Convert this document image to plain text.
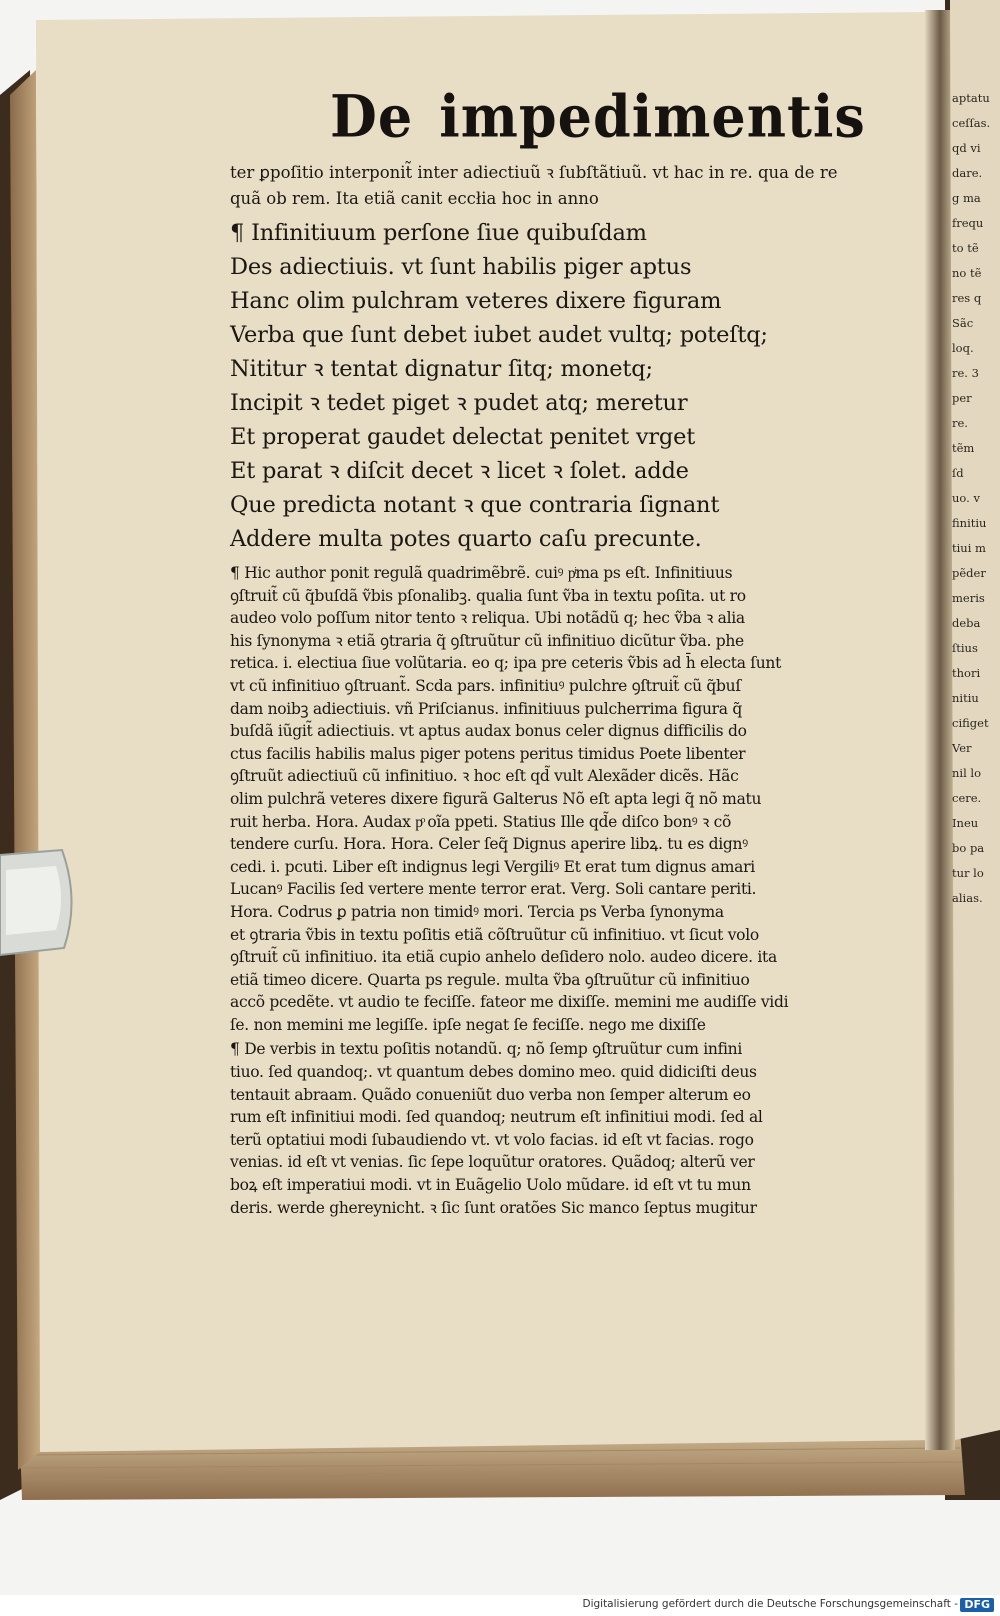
De impedimentis
ter ꝑpoſitio interponit̃ inter adiectiuũ ꝛ ſubſtãtiuũ. vt hac in re. qua de re
quã ob rem. Ita etiã canit eccłia hoc in anno
¶ Infinitiuum perſone ſiue quibuſdam
Des adiectiuis. vt ſunt habilis piger aptus
Hanc olim pulchram veteres dixere figuram
Verba que ſunt debet iubet audet vultq; poteſtq;
Nititur ꝛ tentat dignatur ſitq; monetq;
Incipit ꝛ tedet piget ꝛ pudet atq; meretur
Et properat gaudet delectat penitet vrget
Et parat ꝛ diſcit decet ꝛ licet ꝛ ſolet. adde
Que predicta notant ꝛ que contraria ſignant
Addere multa potes quarto caſu precunte.
¶ Hic author ponit regulã quadrimẽbrẽ. cuiꝰ pͥma ps eſt. Infinitiuus
ꝯſtruit̃ cũ q̃buſdã ṽbis pſonalibꝫ. qualia ſunt ṽba in textu poſita. ut ro
audeo volo poſſum nitor tento ꝛ reliqua. Ubi notãdũ q; hec ṽba ꝛ alia
his ſynonyma ꝛ etiã ꝯtraria q̃ ꝯſtruũtur cũ infinitiuo dicũtur ṽba. phe
retica. i. electiua ſiue volũtaria. eo q; ipa pre ceteris ṽbis ad h̄ electa ſunt
vt cũ infinitiuo ꝯſtruant̃. Scda pars. infinitiuꝰ pulchre ꝯſtruit̃ cũ q̃buſ
dam noibꝫ adiectiuis. vñ Priſcianus. infinitiuus pulcherrima figura q̃
buſdã iũgit̃ adiectiuis. vt aptus audax bonus celer dignus difficilis do
ctus facilis habilis malus piger potens peritus timidus Poete libenter
ꝯſtruũt adiectiuũ cũ infinitiuo. ꝛ hoc eſt qd̃ vult Alexãder dicẽs. Hãc
olim pulchrã veteres dixere figurã Galterus Nõ eſt apta legi q̃ nõ matu
ruit herba. Hora. Audax pͦ oĩa ppeti. Statius Ille qd̃e diſco bonꝰ ꝛ cõ
tendere curſu. Hora. Hora. Celer ſeq̃ Dignus aperire libꝝ. tu es dignꝰ
cedi. i. pcuti. Liber eſt indignus legi Vergiliꝰ Et erat tum dignus amari
Lucanꝰ Facilis ſed vertere mente terror erat. Verg. Soli cantare periti.
Hora. Codrus ꝑ patria non timidꝰ mori. Tercia ps Verba ſynonyma
et ꝯtraria ṽbis in textu poſitis etiã cõſtruũtur cũ infinitiuo. vt ſicut volo
ꝯſtruit̃ cũ infinitiuo. ita etiã cupio anhelo deſidero nolo. audeo dicere. ita
etiã timeo dicere. Quarta ps regule. multa ṽba ꝯſtruũtur cũ infinitiuo
accõ pcedẽte. vt audio te feciſſe. fateor me dixiſſe. memini me audiſſe vidi
ſe. non memini me legiſſe. ipſe negat ſe feciſſe. nego me dixiſſe
¶ De verbis in textu poſitis notandũ. q; nõ ſemp ꝯſtruũtur cum infini
tiuo. ſed quandoq;. vt quantum debes domino meo. quid didiciſti deus
tentauit abraam. Quãdo conueniũt duo verba non ſemper alterum eo
rum eſt infinitiui modi. ſed quandoq; neutrum eſt infinitiui modi. ſed al
terũ optatiui modi ſubaudiendo vt. vt volo facias. id eſt vt facias. rogo
venias. id eſt vt venias. ſic ſepe loquũtur oratores. Quãdoq; alterũ ver
boꝝ eſt imperatiui modi. vt in Euãgelio Uolo mũdare. id eſt vt tu mun
deris. werde ghereynicht. ꝛ ſic ſunt oratões Sic manco ſeptus mugitur
aptatu
ceſſas.
qd vi
dare.
g ma
frequ
to tẽ
no tẽ
res q
Sãc
loq.
re. 3
per
re.
tẽm
ſd
uo. v
finitiu
tiui m
pẽder
meris
deba
ſtius
thori
nitiu
cifiget
Ver
nil lo
cere.
Ineu
bo pa
tur lo
alias.
Digitalisierung gefördert durch die Deutsche Forschungsgemeinschaft - DFG
